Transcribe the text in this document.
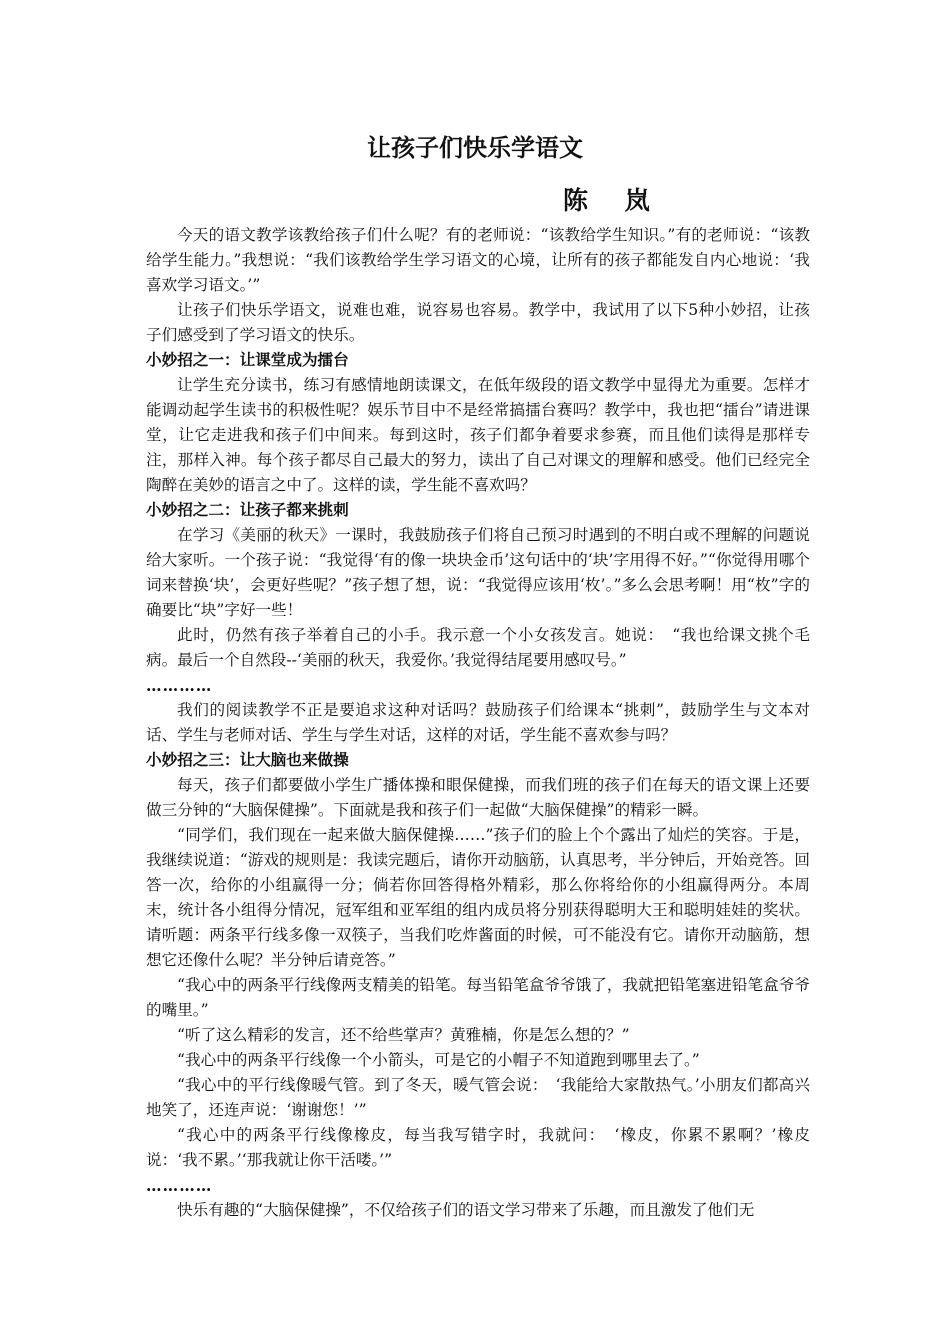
让孩子们快乐学语文
陈 岚

今天的语文教学该教给孩子们什么呢？有的老师说：“该教给学生知识。”有的老师说：“该教给学生能力。”我想说：“我们该教给学生学习语文的心境，让所有的孩子都能发自内心地说：‘我喜欢学习语文。’”

让孩子们快乐学语文，说难也难，说容易也容易。教学中，我试用了以下5种小妙招，让孩子们感受到了学习语文的快乐。

小妙招之一：让课堂成为擂台

让学生充分读书，练习有感情地朗读课文，在低年级段的语文教学中显得尤为重要。怎样才能调动起学生读书的积极性呢？娱乐节目中不是经常搞擂台赛吗？教学中，我也把“擂台”请进课堂，让它走进我和孩子们中间来。每到这时，孩子们都争着要求参赛，而且他们读得是那样专注，那样入神。每个孩子都尽自己最大的努力，读出了自己对课文的理解和感受。他们已经完全陶醉在美妙的语言之中了。这样的读，学生能不喜欢吗？

小妙招之二：让孩子都来挑刺

在学习《美丽的秋天》一课时，我鼓励孩子们将自己预习时遇到的不明白或不理解的问题说给大家听。一个孩子说：“我觉得‘有的像一块块金币’这句话中的‘块’字用得不好。”“你觉得用哪个词来替换‘块’，会更好些呢？”孩子想了想，说：“我觉得应该用‘枚’。”多么会思考啊！用“枚”字的确要比“块”字好一些！

此时，仍然有孩子举着自己的小手。我示意一个小女孩发言。她说：　“我也给课文挑个毛病。最后一个自然段--‘美丽的秋天，我爱你。’我觉得结尾要用感叹号。”

…………

我们的阅读教学不正是要追求这种对话吗？鼓励孩子们给课本“挑刺”，鼓励学生与文本对话、学生与老师对话、学生与学生对话，这样的对话，学生能不喜欢参与吗？

小妙招之三：让大脑也来做操

每天，孩子们都要做小学生广播体操和眼保健操，而我们班的孩子们在每天的语文课上还要做三分钟的“大脑保健操”。下面就是我和孩子们一起做“大脑保健操”的精彩一瞬。

“同学们，我们现在一起来做大脑保健操……”孩子们的脸上个个露出了灿烂的笑容。于是，我继续说道：“游戏的规则是：我读完题后，请你开动脑筋，认真思考，半分钟后，开始竞答。回答一次，给你的小组赢得一分；倘若你回答得格外精彩，那么你将给你的小组赢得两分。本周末，统计各小组得分情况，冠军组和亚军组的组内成员将分别获得聪明大王和聪明娃娃的奖状。请听题：两条平行线多像一双筷子，当我们吃炸酱面的时候，可不能没有它。请你开动脑筋，想想它还像什么呢？半分钟后请竞答。”

“我心中的两条平行线像两支精美的铅笔。每当铅笔盒爷爷饿了，我就把铅笔塞进铅笔盒爷爷的嘴里。”

“听了这么精彩的发言，还不给些掌声？黄雅楠，你是怎么想的？”

“我心中的两条平行线像一个小箭头，可是它的小帽子不知道跑到哪里去了。”

“我心中的平行线像暖气管。到了冬天，暖气管会说：　‘我能给大家散热气。’小朋友们都高兴地笑了，还连声说：‘谢谢您！’”

“我心中的两条平行线像橡皮，每当我写错字时，我就问：　‘橡皮，你累不累啊？’橡皮说：‘我不累。’‘那我就让你干活喽。’”

…………

快乐有趣的“大脑保健操”，不仅给孩子们的语文学习带来了乐趣，而且激发了他们无
